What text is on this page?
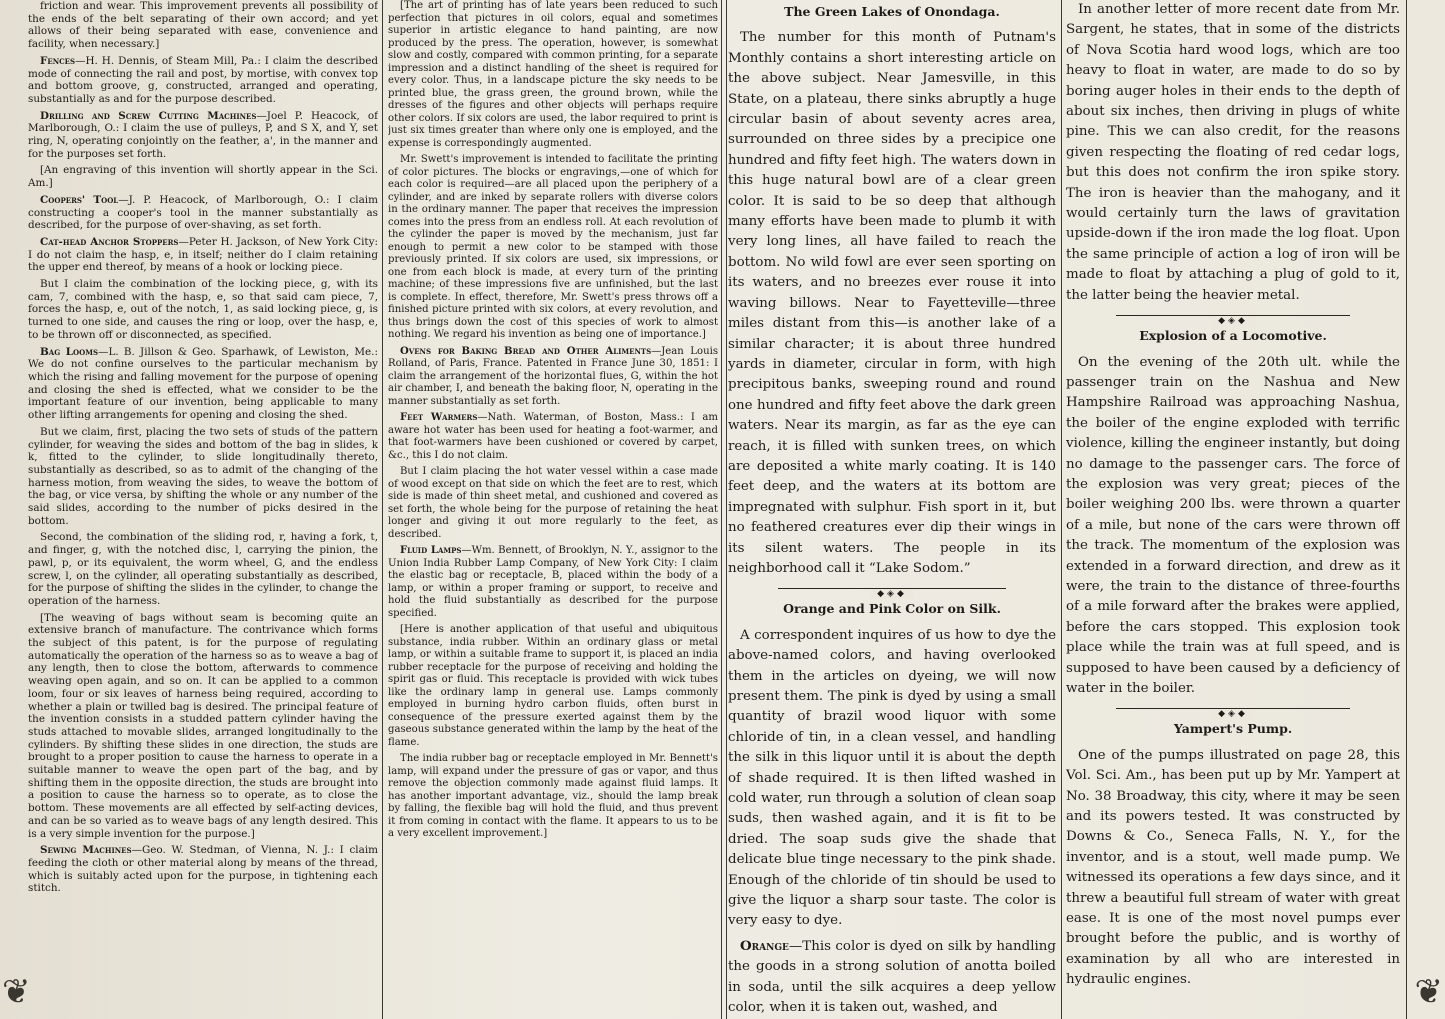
❦	❦

friction and wear. This improvement prevents all possibility of the ends of the belt separating of their own accord; and yet allows of their being separated with ease, convenience and facility, when necessary.]

Fences—H. H. Dennis, of Steam Mill, Pa.: I claim the described mode of connecting the rail and post, by mortise, with convex top and bottom groove, g, constructed, arranged and operating, substantially as and for the purpose described.

Drilling and Screw Cutting Machines—Joel P. Heacock, of Marlborough, O.: I claim the use of pulleys, P, and S X, and Y, set ring, N, operating conjointly on the feather, a', in the manner and for the purposes set forth.

[An engraving of this invention will shortly appear in the Sci. Am.]

Coopers' Tool—J. P. Heacock, of Marlborough, O.: I claim constructing a cooper's tool in the manner substantially as described, for the purpose of over-shaving, as set forth.

Cat-head Anchor Stoppers—Peter H. Jackson, of New York City: I do not claim the hasp, e, in itself; neither do I claim retaining the upper end thereof, by means of a hook or locking piece.

But I claim the combination of the locking piece, g, with its cam, 7, combined with the hasp, e, so that said cam piece, 7, forces the hasp, e, out of the notch, 1, as said locking piece, g, is turned to one side, and causes the ring or loop, over the hasp, e, to be thrown off or disconnected, as specified.

Bag Looms—L. B. Jillson & Geo. Sparhawk, of Lewiston, Me.: We do not confine ourselves to the particular mechanism by which the rising and falling movement for the purpose of opening and closing the shed is effected, what we consider to be the important feature of our invention, being applicable to many other lifting arrangements for opening and closing the shed.

But we claim, first, placing the two sets of studs of the pattern cylinder, for weaving the sides and bottom of the bag in slides, k k, fitted to the cylinder, to slide longitudinally thereto, substantially as described, so as to admit of the changing of the harness motion, from weaving the sides, to weave the bottom of the bag, or vice versa, by shifting the whole or any number of the said slides, according to the number of picks desired in the bottom.

Second, the combination of the sliding rod, r, having a fork, t, and finger, g, with the notched disc, l, carrying the pinion, the pawl, p, or its equivalent, the worm wheel, G, and the endless screw, l, on the cylinder, all operating substantially as described, for the purpose of shifting the slides in the cylinder, to change the operation of the harness.

[The weaving of bags without seam is becoming quite an extensive branch of manufacture. The contrivance which forms the subject of this patent, is for the purpose of regulating automatically the operation of the harness so as to weave a bag of any length, then to close the bottom, afterwards to commence weaving open again, and so on. It can be applied to a common loom, four or six leaves of harness being required, according to whether a plain or twilled bag is desired. The principal feature of the invention consists in a studded pattern cylinder having the studs attached to movable slides, arranged longitudinally to the cylinders. By shifting these slides in one direction, the studs are brought to a proper position to cause the harness to operate in a suitable manner to weave the open part of the bag, and by shifting them in the opposite direction, the studs are brought into a position to cause the harness so to operate, as to close the bottom. These movements are all effected by self-acting devices, and can be so varied as to weave bags of any length desired. This is a very simple invention for the purpose.]

Sewing Machines—Geo. W. Stedman, of Vienna, N. J.: I claim feeding the cloth or other material along by means of the thread, which is suitably acted upon for the purpose, in tightening each stitch.

[The art of printing has of late years been reduced to such perfection that pictures in oil colors, equal and sometimes superior in artistic elegance to hand painting, are now produced by the press. The operation, however, is somewhat slow and costly, compared with common printing, for a separate impression and a distinct handling of the sheet is required for every color. Thus, in a landscape picture the sky needs to be printed blue, the grass green, the ground brown, while the dresses of the figures and other objects will perhaps require other colors. If six colors are used, the labor required to print is just six times greater than where only one is employed, and the expense is correspondingly augmented.

Mr. Swett's improvement is intended to facilitate the printing of color pictures. The blocks or engravings,—one of which for each color is required—are all placed upon the periphery of a cylinder, and are inked by separate rollers with diverse colors in the ordinary manner. The paper that receives the impression comes into the press from an endless roll. At each revolution of the cylinder the paper is moved by the mechanism, just far enough to permit a new color to be stamped with those previously printed. If six colors are used, six impressions, or one from each block is made, at every turn of the printing machine; of these impressions five are unfinished, but the last is complete. In effect, therefore, Mr. Swett's press throws off a finished picture printed with six colors, at every revolution, and thus brings down the cost of this species of work to almost nothing. We regard his invention as being one of importance.]

Ovens for Baking Bread and Other Aliments—Jean Louis Rolland, of Paris, France. Patented in France June 30, 1851: I claim the arrangement of the horizontal flues, G, within the hot air chamber, I, and beneath the baking floor, N, operating in the manner substantially as set forth.

Feet Warmers—Nath. Waterman, of Boston, Mass.: I am aware hot water has been used for heating a foot-warmer, and that foot-warmers have been cushioned or covered by carpet, &c., this I do not claim.

But I claim placing the hot water vessel within a case made of wood except on that side on which the feet are to rest, which side is made of thin sheet metal, and cushioned and covered as set forth, the whole being for the purpose of retaining the heat longer and giving it out more regularly to the feet, as described.

Fluid Lamps—Wm. Bennett, of Brooklyn, N. Y., assignor to the Union India Rubber Lamp Company, of New York City: I claim the elastic bag or receptacle, B, placed within the body of a lamp, or within a proper framing or support, to receive and hold the fluid substantially as described for the purpose specified.

[Here is another application of that useful and ubiquitous substance, india rubber. Within an ordinary glass or metal lamp, or within a suitable frame to support it, is placed an india rubber receptacle for the purpose of receiving and holding the spirit gas or fluid. This receptacle is provided with wick tubes like the ordinary lamp in general use. Lamps commonly employed in burning hydro carbon fluids, often burst in consequence of the pressure exerted against them by the gaseous substance generated within the lamp by the heat of the flame.

The india rubber bag or receptacle employed in Mr. Bennett's lamp, will expand under the pressure of gas or vapor, and thus remove the objection commonly made against fluid lamps. It has another important advantage, viz., should the lamp break by falling, the flexible bag will hold the fluid, and thus prevent it from coming in contact with the flame. It appears to us to be a very excellent improvement.]

The Green Lakes of Onondaga.

The number for this month of Putnam's Monthly contains a short interesting article on the above subject. Near Jamesville, in this State, on a plateau, there sinks abruptly a huge circular basin of about seventy acres area, surrounded on three sides by a precipice one hundred and fifty feet high. The waters down in this huge natural bowl are of a clear green color. It is said to be so deep that although many efforts have been made to plumb it with very long lines, all have failed to reach the bottom. No wild fowl are ever seen sporting on its waters, and no breezes ever rouse it into waving billows. Near to Fayetteville—three miles distant from this—is another lake of a similar character; it is about three hundred yards in diameter, circular in form, with high precipitous banks, sweeping round and round one hundred and fifty feet above the dark green waters. Near its margin, as far as the eye can reach, it is filled with sunken trees, on which are deposited a white marly coating. It is 140 feet deep, and the waters at its bottom are impregnated with sulphur. Fish sport in it, but no feathered creatures ever dip their wings in its silent waters. The people in its neighborhood call it “Lake Sodom.”

◆◈◆

Orange and Pink Color on Silk.

A correspondent inquires of us how to dye the above-named colors, and having overlooked them in the articles on dyeing, we will now present them. The pink is dyed by using a small quantity of brazil wood liquor with some chloride of tin, in a clean vessel, and handling the silk in this liquor until it is about the depth of shade required. It is then lifted washed in cold water, run through a solution of clean soap suds, then washed again, and it is fit to be dried. The soap suds give the shade that delicate blue tinge necessary to the pink shade. Enough of the chloride of tin should be used to give the liquor a sharp sour taste. The color is very easy to dye.

Orange—This color is dyed on silk by handling the goods in a strong solution of anotta boiled in soda, until the silk acquires a deep yellow color, when it is taken out, washed, and

In another letter of more recent date from Mr. Sargent, he states, that in some of the districts of Nova Scotia hard wood logs, which are too heavy to float in water, are made to do so by boring auger holes in their ends to the depth of about six inches, then driving in plugs of white pine. This we can also credit, for the reasons given respecting the floating of red cedar logs, but this does not confirm the iron spike story. The iron is heavier than the mahogany, and it would certainly turn the laws of gravitation upside-down if the iron made the log float. Upon the same principle of action a log of iron will be made to float by attaching a plug of gold to it, the latter being the heavier metal.

◆◈◆

Explosion of a Locomotive.

On the evening of the 20th ult. while the passenger train on the Nashua and New Hampshire Railroad was approaching Nashua, the boiler of the engine exploded with terrific violence, killing the engineer instantly, but doing no damage to the passenger cars. The force of the explosion was very great; pieces of the boiler weighing 200 lbs. were thrown a quarter of a mile, but none of the cars were thrown off the track. The momentum of the explosion was extended in a forward direction, and drew as it were, the train to the distance of three-fourths of a mile forward after the brakes were applied, before the cars stopped. This explosion took place while the train was at full speed, and is supposed to have been caused by a deficiency of water in the boiler.

◆◈◆

Yampert's Pump.

One of the pumps illustrated on page 28, this Vol. Sci. Am., has been put up by Mr. Yampert at No. 38 Broadway, this city, where it may be seen and its powers tested. It was constructed by Downs & Co., Seneca Falls, N. Y., for the inventor, and is a stout, well made pump. We witnessed its operations a few days since, and it threw a beautiful full stream of water with great ease. It is one of the most novel pumps ever brought before the public, and is worthy of examination by all who are interested in hydraulic engines.
